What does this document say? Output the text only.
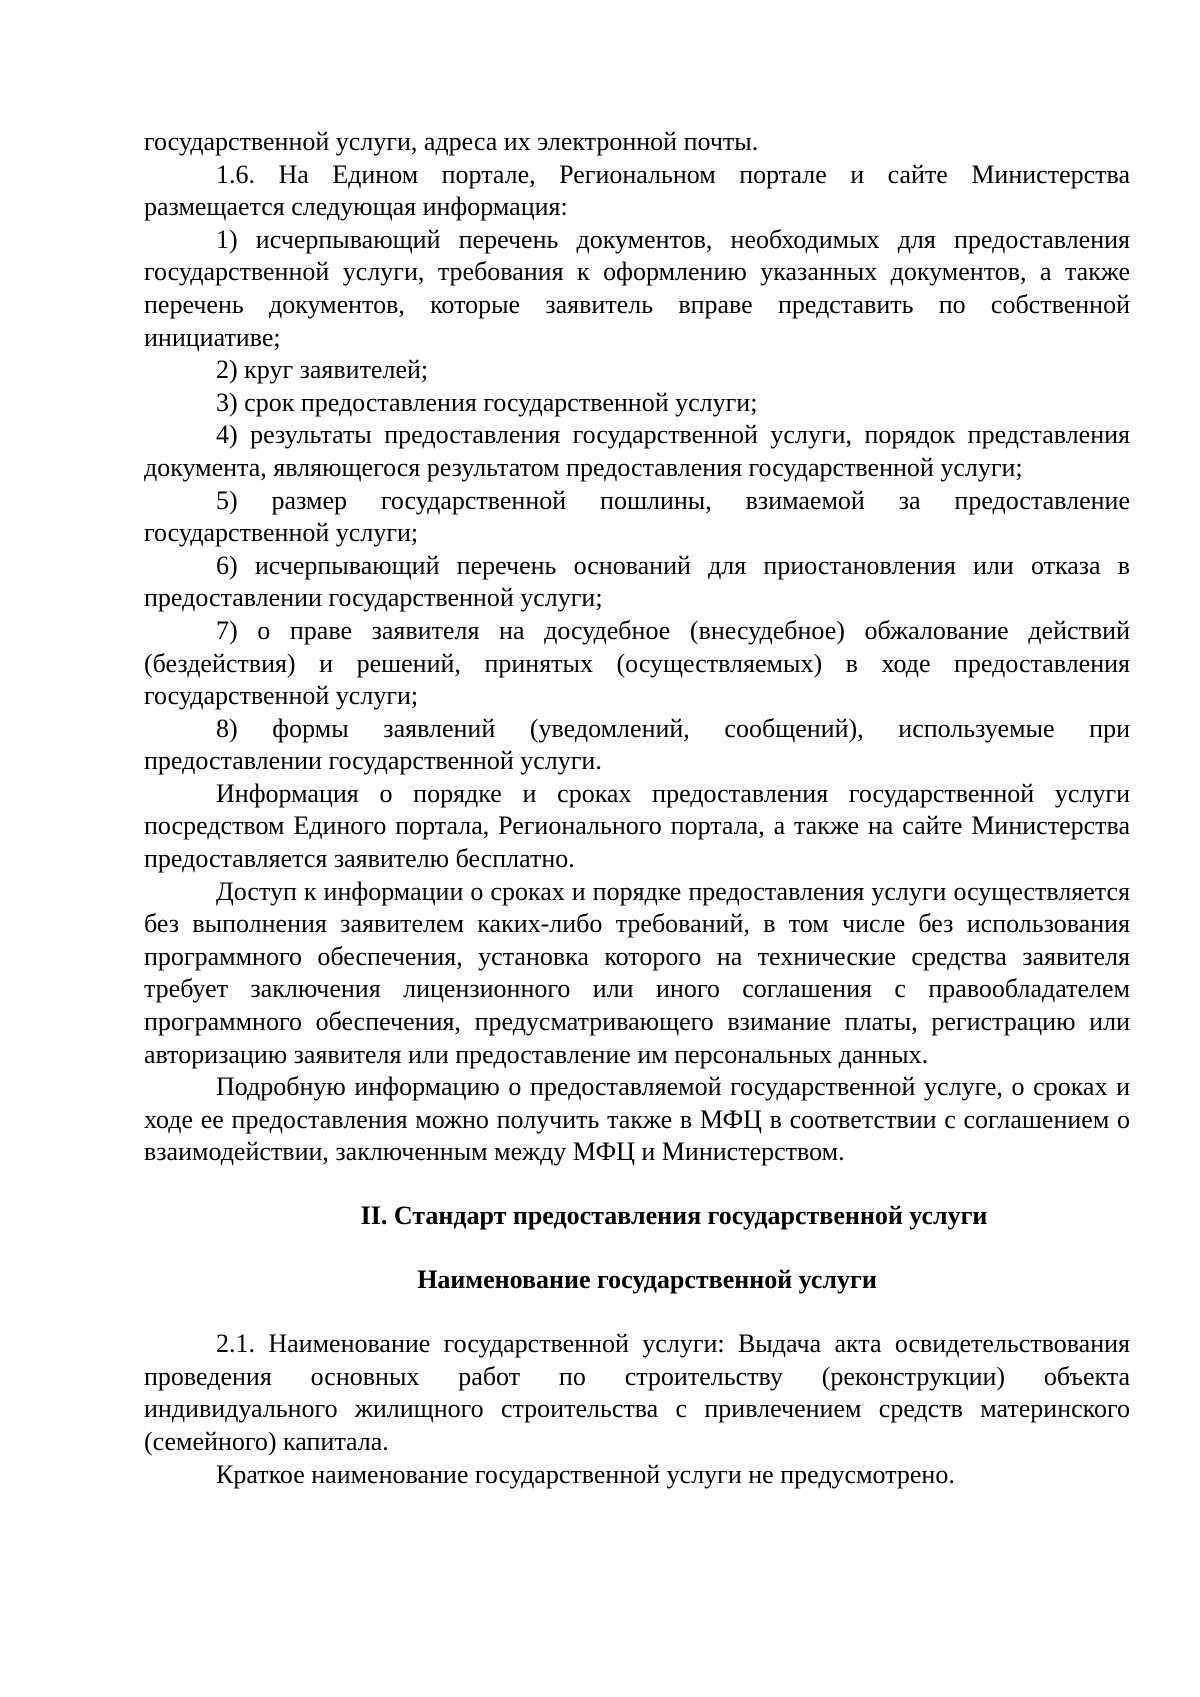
государственной услуги, адреса их электронной почты.

1.6. На Едином портале, Региональном портале и сайте Министерства размещается следующая информация:

1) исчерпывающий перечень документов, необходимых для предоставления государственной услуги, требования к оформлению указанных документов, а также перечень документов, которые заявитель вправе представить по собственной инициативе;

2) круг заявителей;

3) срок предоставления государственной услуги;

4) результаты предоставления государственной услуги, порядок представления документа, являющегося результатом предоставления государственной услуги;

5) размер государственной пошлины, взимаемой за предоставление государственной услуги;

6) исчерпывающий перечень оснований для приостановления или отказа в предоставлении государственной услуги;

7) о праве заявителя на досудебное (внесудебное) обжалование действий (бездействия) и решений, принятых (осуществляемых) в ходе предоставления государственной услуги;

8) формы заявлений (уведомлений, сообщений), используемые при предоставлении государственной услуги.

Информация о порядке и сроках предоставления государственной услуги посредством Единого портала, Регионального портала, а также на сайте Министерства предоставляется заявителю бесплатно.

Доступ к информации о сроках и порядке предоставления услуги осуществляется без выполнения заявителем каких-либо требований, в том числе без использования программного обеспечения, установка которого на технические средства заявителя требует заключения лицензионного или иного соглашения с правообладателем программного обеспечения, предусматривающего взимание платы, регистрацию или авторизацию заявителя или предоставление им персональных данных.

Подробную информацию о предоставляемой государственной услуге, о сроках и ходе ее предоставления можно получить также в МФЦ в соответствии с соглашением о взаимодействии, заключенным между МФЦ и Министерством.

II. Стандарт предоставления государственной услуги
Наименование государственной услуги

2.1. Наименование государственной услуги: Выдача акта освидетельствования проведения основных работ по строительству (реконструкции) объекта индивидуального жилищного строительства с привлечением средств материнского (семейного) капитала.

Краткое наименование государственной услуги не предусмотрено.
